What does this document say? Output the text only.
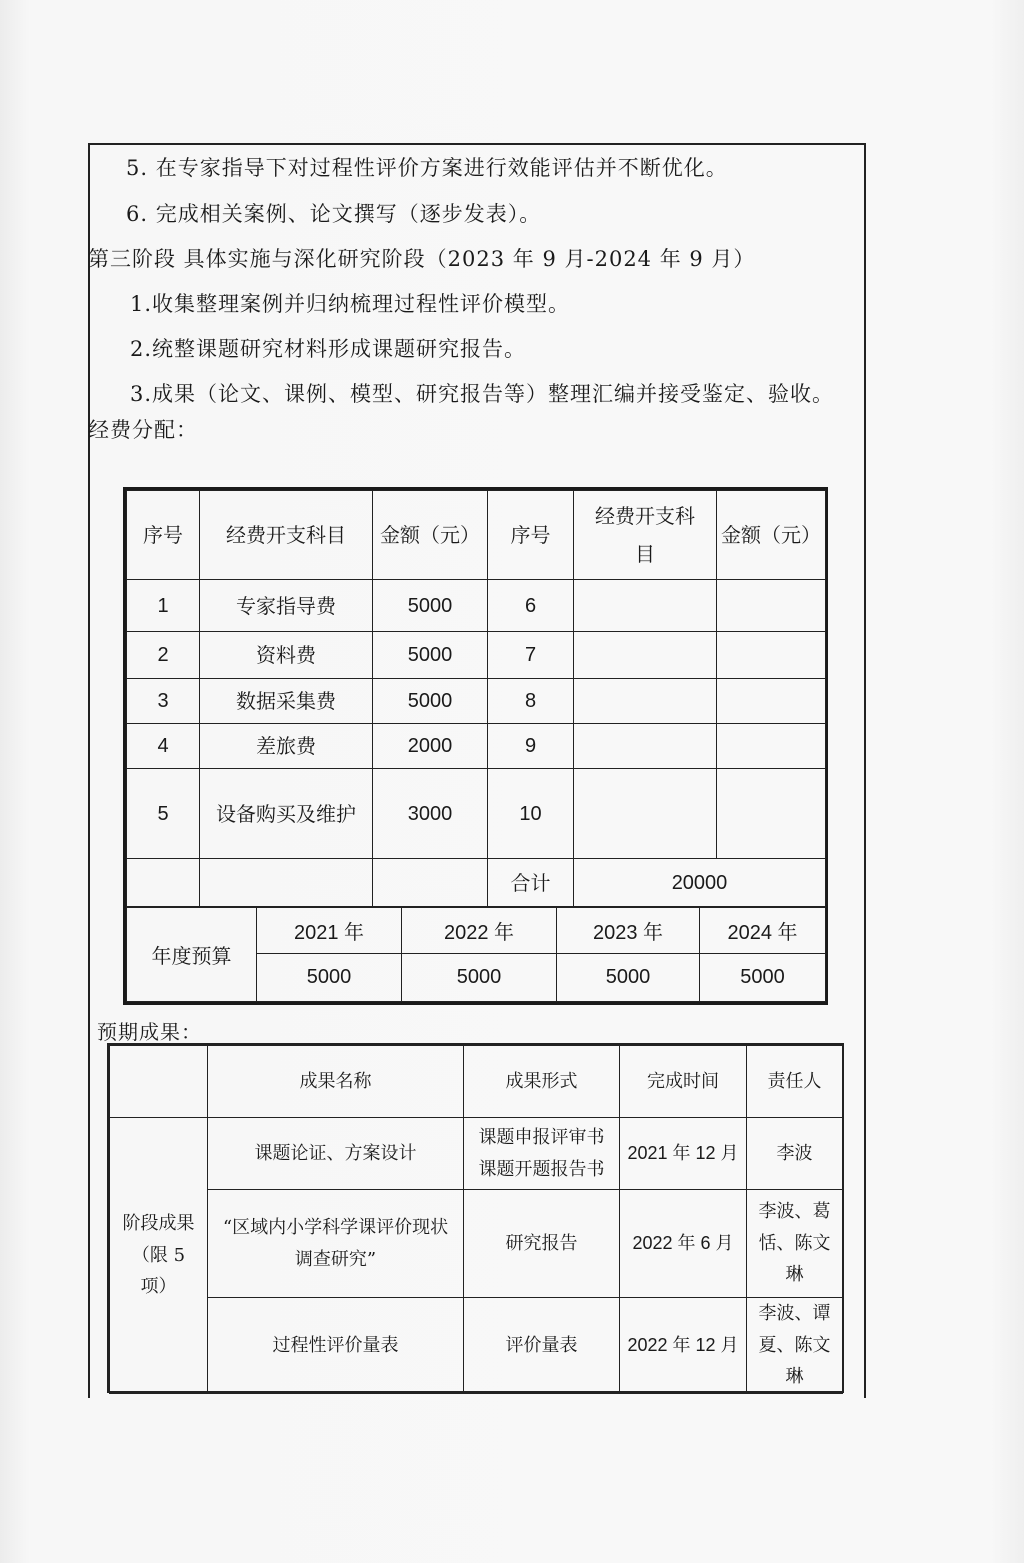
5. 在专家指导下对过程性评价方案进行效能评估并不断优化。
6. 完成相关案例、论文撰写（逐步发表）。
第三阶段 具体实施与深化研究阶段（2023 年 9 月-2024 年 9 月）
1.收集整理案例并归纳梳理过程性评价模型。
2.统整课题研究材料形成课题研究报告。
3.成果（论文、课例、模型、研究报告等）整理汇编并接受鉴定、验收。
经费分配：
序号	经费开支科目	金额（元）	序号	经费开支科目	金额（元）
1	专家指导费	5000	6		
2	资料费	5000	7		
3	数据采集费	5000	8		
4	差旅费	2000	9		
5	设备购买及维护	3000	10		
			合计	20000	
年度预算	2021 年	2022 年	2023 年	2024 年
	5000	5000	5000	5000
预期成果：
	成果名称	成果形式	完成时间	责任人
阶段成果（限 5 项）	课题论证、方案设计	课题申报评审书 课题开题报告书	2021 年 12 月	李波
	“区域内小学科学课评价现状调查研究”	研究报告	2022 年 6 月	李波、葛恬、陈文琳
	过程性评价量表	评价量表	2022 年 12 月	李波、谭夏、陈文琳
